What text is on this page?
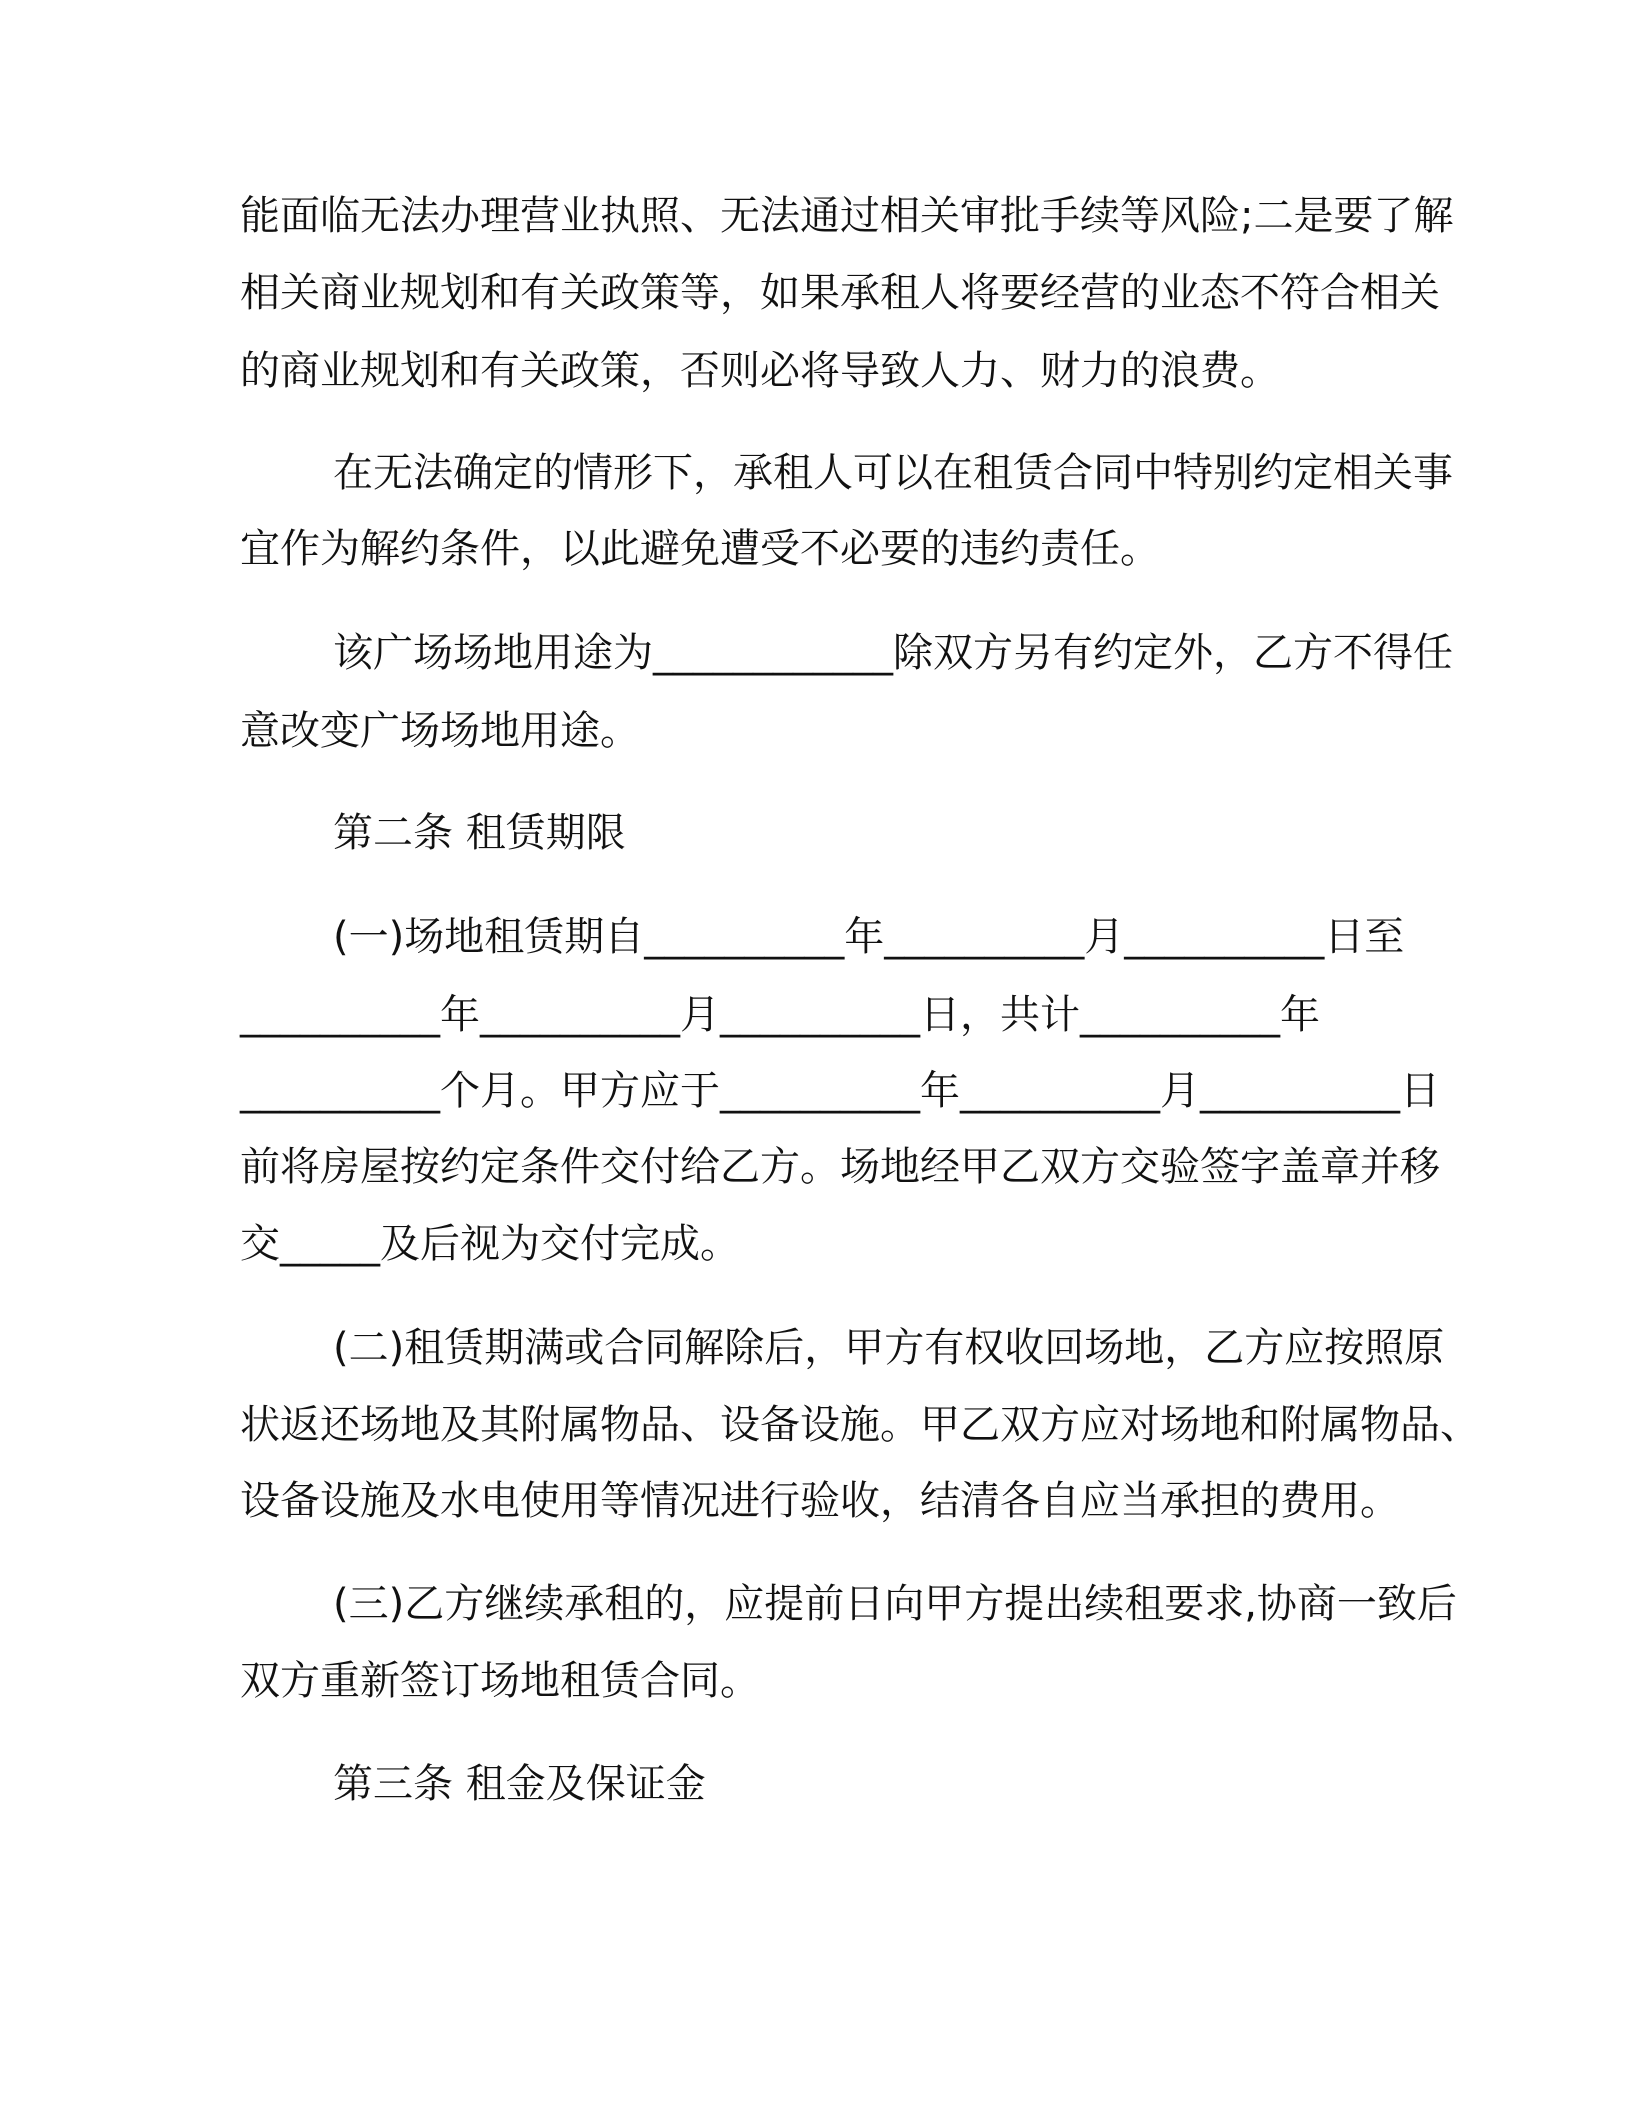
能面临无法办理营业执照、无法通过相关审批手续等风险;二是要了解
相关商业规划和有关政策等，如果承租人将要经营的业态不符合相关
的商业规划和有关政策，否则必将导致人力、财力的浪费。
在无法确定的情形下，承租人可以在租赁合同中特别约定相关事
宜作为解约条件，以此避免遭受不必要的违约责任。
该广场场地用途为____________除双方另有约定外，乙方不得任
意改变广场场地用途。
第二条 租赁期限
(一)场地租赁期自__________年__________月__________日至
__________年__________月__________日，共计__________年
__________个月。甲方应于__________年__________月__________日
前将房屋按约定条件交付给乙方。场地经甲乙双方交验签字盖章并移
交_____及后视为交付完成。
(二)租赁期满或合同解除后，甲方有权收回场地，乙方应按照原
状返还场地及其附属物品、设备设施。甲乙双方应对场地和附属物品、
设备设施及水电使用等情况进行验收，结清各自应当承担的费用。
(三)乙方继续承租的，应提前日向甲方提出续租要求,协商一致后
双方重新签订场地租赁合同。
第三条 租金及保证金
